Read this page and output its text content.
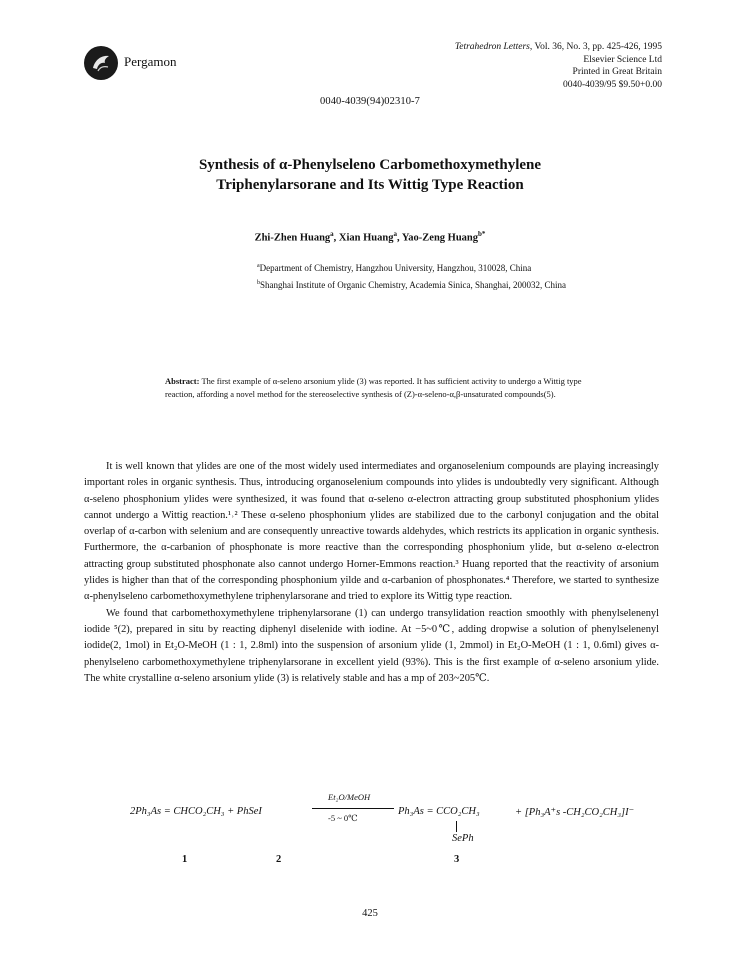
Pergamon
Tetrahedron Letters, Vol. 36, No. 3, pp. 425-426, 1995
Elsevier Science Ltd
Printed in Great Britain
0040-4039/95 $9.50+0.00
0040-4039(94)02310-7
Synthesis of α-Phenylseleno Carbomethoxymethylene
Triphenylarsorane and Its Wittig Type Reaction
Zhi-Zhen Huang$^a$, Xian Huang$^a$, Yao-Zeng Huang$^{b*}$
$^a$Department of Chemistry, Hangzhou University, Hangzhou, 310028, China
$^b$Shanghai Institute of Organic Chemistry, Academia Sinica, Shanghai, 200032, China
Abstract: The first example of α-seleno arsonium ylide (3) was reported. It has sufficient activity to undergo a Wittig type reaction, affording a novel method for the stereoselective synthesis of (Z)-α-seleno-α,β-unsaturated compounds(5).

It is well known that ylides are one of the most widely used intermediates and organoselenium compounds are playing increasingly important roles in organic synthesis. Thus, introducing organoselenium compounds into ylides is undoubtedly very significant. Although α-seleno phosphonium ylides were synthesized, it was found that α-seleno α-electron attracting group substituted phosphonium ylides cannot undergo a Wittig reaction.¹˒² These α-seleno phosphonium ylides are stabilized due to the carbonyl conjugation and the obital overlap of α-carbon with selenium and are consequently unreactive towards aldehydes, which restricts its application in organic synthesis. Furthermore, the α-carbanion of phosphonate is more reactive than the corresponding phosphonium ylide, but α-seleno α-electron attracting group substituted phosphonate also cannot undergo Horner-Emmons reaction.³ Huang reported that the reactivity of arsonium ylides is higher than that of the corresponding phosphonium yilde and α-carbanion of phosphonates.⁴ Therefore, we started to synthesize α-phenylseleno carbomethoxymethylene triphenylarsorane and tried to explore its Wittig type reaction.

We found that carbomethoxymethylene triphenylarsorane (1) can undergo transylidation reaction smoothly with phenylselenenyl iodide ⁵(2), prepared in situ by reacting diphenyl diselenide with iodine. At −5~0℃, adding dropwise a solution of phenylselenenyl iodide(2, 1mol) in Et₂O-MeOH (1 : 1, 2.8ml) into the suspension of arsonium ylide (1, 2mmol) in Et₂O-MeOH (1 : 1, 0.6ml) gives α-phenylseleno carbomethoxymethylene triphenylarsorane in excellent yield (93%). This is the first example of α-seleno arsonium ylide. The white crystalline α-seleno arsonium ylide (3) is relatively stable and has a mp of 203~205℃.

2Ph₃As = CHCO₂CH₃ + PhSeI
Et₂O/MeOH
-5 ~ 0℃
Ph₃As = CCO₂CH₃	+ [Ph₃A⁺s -CH₂CO₂CH₃]I⁻
SePh
1	2	3
425
